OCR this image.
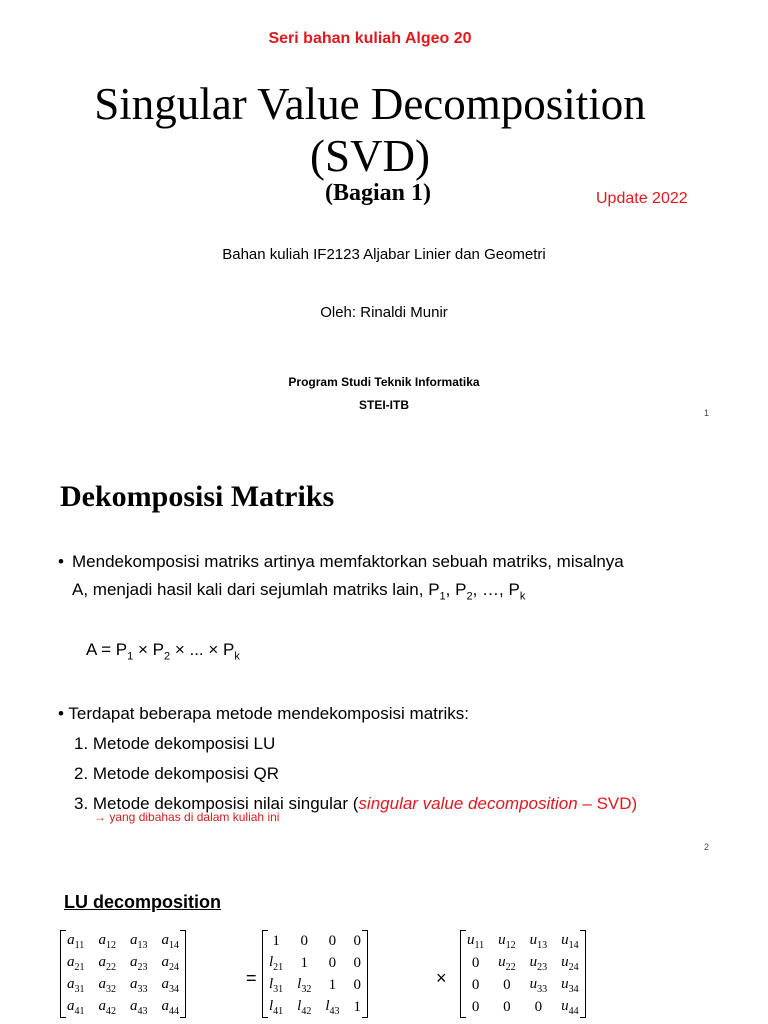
Seri bahan kuliah Algeo 20
Singular Value Decomposition
(SVD)
(Bagian 1)	Update 2022
Bahan kuliah IF2123 Aljabar Linier dan Geometri
Oleh: Rinaldi Munir
Program Studi Teknik Informatika
STEI-ITB
1
Dekomposisi Matriks
• Mendekomposisi matriks artinya memfaktorkan sebuah matriks, misalnya
A, menjadi hasil kali dari sejumlah matriks lain, $P_1$, $P_2$, …, $P_k$
$A = P_1 \times P_2$ × ... × $P_k$
• Terdapat beberapa metode mendekomposisi matriks:
1. Metode dekomposisi LU
2. Metode dekomposisi QR
3. Metode dekomposisi nilai singular (singular value decomposition – SVD)
→ yang dibahas di dalam kuliah ini
2
LU decomposition
$a_{11}$	$a_{12}$	$a_{13}$	$a_{14}$
$a_{21}$	$a_{22}$	$a_{23}$	$a_{24}$
$a_{31}$	$a_{32}$	$a_{33}$	$a_{34}$
$a_{41}$	$a_{42}$	$a_{43}$	$a_{44}$
=
1	0	0	0
$l_{21}$	1	0	0
$l_{31}$	$l_{32}$	1	0
$l_{41}$	$l_{42}$	$l_{43}$	1
×
$u_{11}$	$u_{12}$	$u_{13}$	$u_{14}$
0	$u_{22}$	$u_{23}$	$u_{24}$
0	0	$u_{33}$	$u_{34}$
0	0	0	$u_{44}$
